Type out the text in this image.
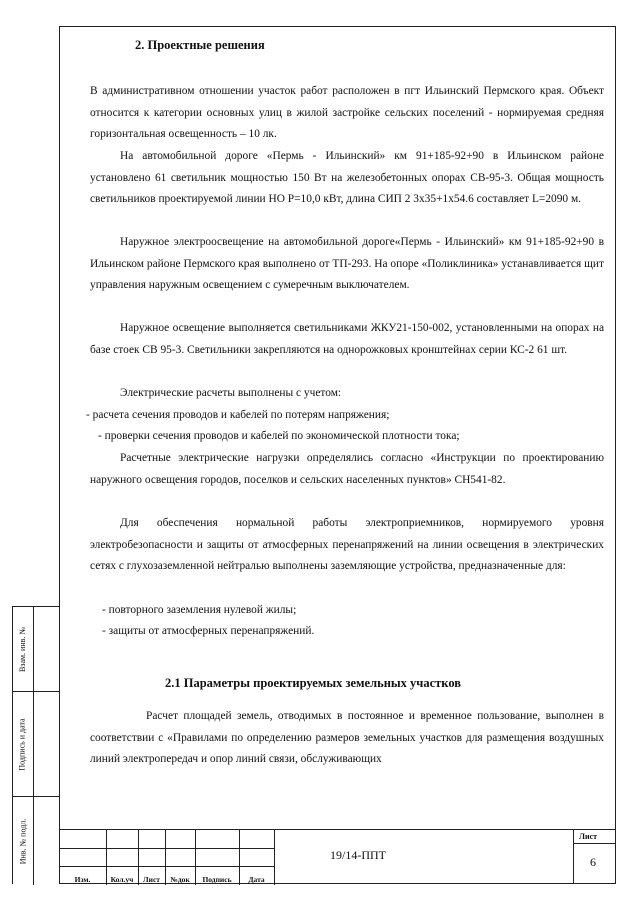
2. Проектные решения

В административном отношении участок работ расположен в пгт Ильинский Пермского края. Объект относится к категории основных улиц в жилой застройке сельских поселений - нормируемая средняя горизонтальная освещенность – 10 лк.

На автомобильной дороге «Пермь - Ильинский» км 91+185-92+90 в Ильинском районе установлено 61 светильник мощностью 150 Вт на железобетонных опорах СВ-95-3. Общая мощность светильников проектируемой линии НО Р=10,0 кВт, длина СИП 2 3х35+1х54.6 составляет L=2090 м.

Наружное электроосвещение на автомобильной дороге«Пермь - Ильинский» км 91+185-92+90 в Ильинском районе Пермского края выполнено от ТП-293. На опоре «Поликлиника» устанавливается щит управления наружным освещением с сумеречным выключателем.

Наружное освещение выполняется светильниками ЖКУ21-150-002, установленными на опорах на базе стоек СВ 95-3. Светильники закрепляются на однорожковых кронштейнах серии КС-2 61 шт.

Электрические расчеты выполнены с учетом:

- расчета сечения проводов и кабелей по потерям напряжения;

- проверки сечения проводов и кабелей по экономической плотности тока;

Расчетные электрические нагрузки определялись согласно «Инструкции по проектированию наружного освещения городов, поселков и сельских населенных пунктов» СН541-82.

Для обеспечения нормальной работы электроприемников, нормируемого уровня электробезопасности и защиты от атмосферных перенапряжений на линии освещения в электрических сетях с глухозаземленной нейтралью выполнены заземляющие устройства, предназначенные для:

- повторного заземления нулевой жилы;

- защиты от атмосферных перенапряжений.

2.1 Параметры проектируемых земельных участков

Расчет площадей земель, отводимых в постоянное и временное пользование, выполнен в соответствии с «Правилами по определению размеров земельных участков для размещения воздушных линий электропередач и опор линий связи, обслуживающих

Взам. инв. №
Подпись и дата
Инв. № подл.
Изм.	Кол.уч	Лист	№док	Подпись	Дата
19/14-ППТ
Лист
6
